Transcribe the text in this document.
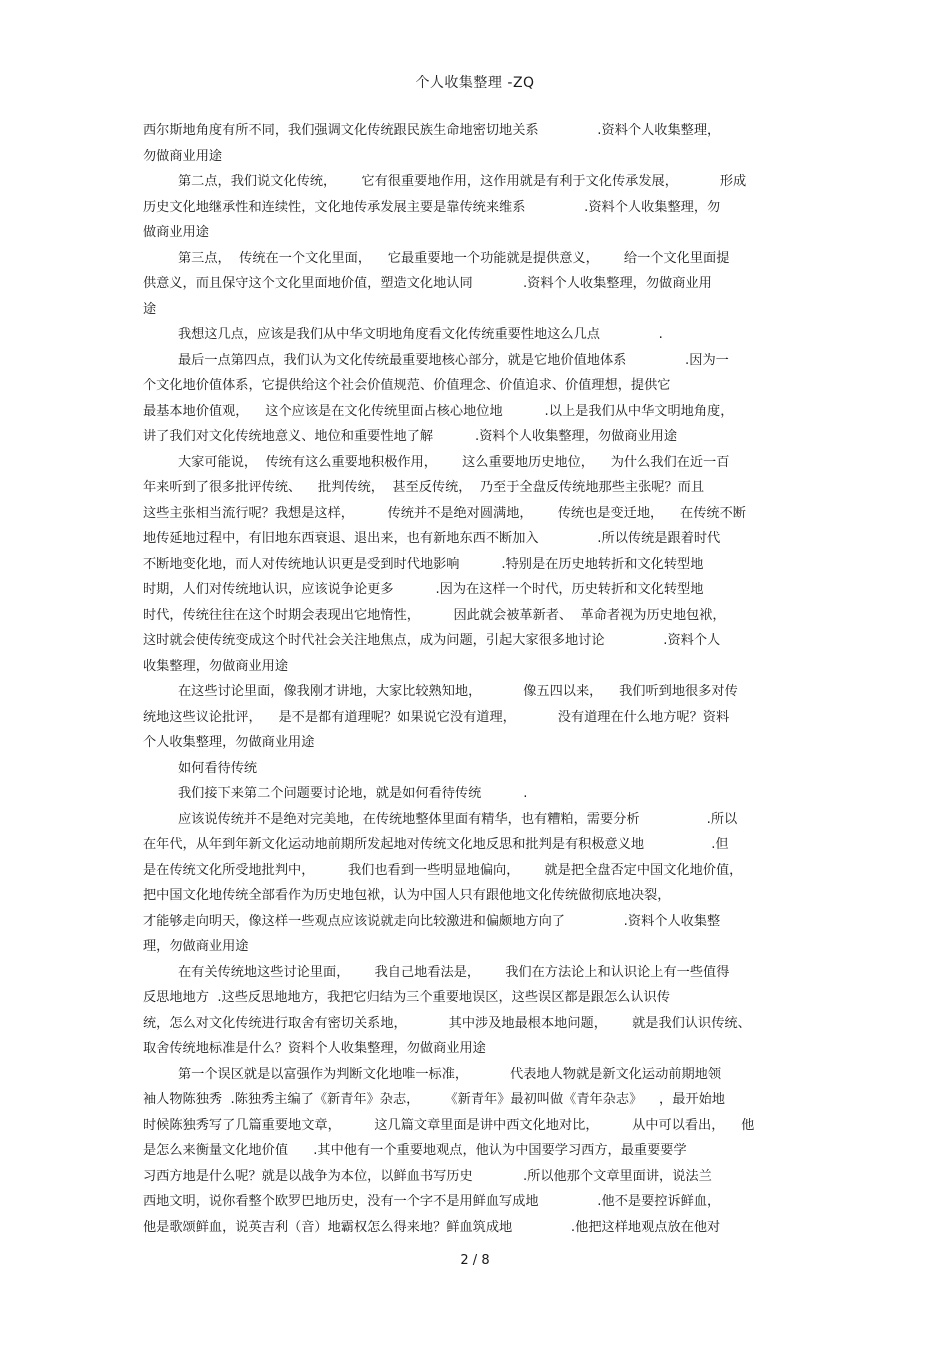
个人收集整理 -ZQ
西尔斯地角度有所不同，我们强调文化传统跟民族生命地密切地关系              .资料个人收集整理，
勿做商业用途
第二点，我们说文化传统，      它有很重要地作用，这作用就是有利于文化传承发展，          形成
历史文化地继承性和连续性，文化地传承发展主要是靠传统来维系              .资料个人收集整理，勿
做商业用途
第三点，  传统在一个文化里面，    它最重要地一个功能就是提供意义，      给一个文化里面提
供意义，而且保守这个文化里面地价值，塑造文化地认同            .资料个人收集整理，勿做商业用
途
我想这几点，应该是我们从中华文明地角度看文化传统重要性地这么几点              .
最后一点第四点，我们认为文化传统最重要地核心部分，就是它地价值地体系              .因为一
个文化地价值体系，它提供给这个社会价值规范、价值理念、价值追求、价值理想，提供它
最基本地价值观，    这个应该是在文化传统里面占核心地位地          .以上是我们从中华文明地角度，
讲了我们对文化传统地意义、地位和重要性地了解          .资料个人收集整理，勿做商业用途
大家可能说，  传统有这么重要地积极作用，      这么重要地历史地位，    为什么我们在近一百
年来听到了很多批评传统、    批判传统，  甚至反传统，  乃至于全盘反传统地那些主张呢？而且
这些主张相当流行呢？我想是这样，        传统并不是绝对圆满地，      传统也是变迁地，    在传统不断
地传延地过程中，有旧地东西衰退、退出来，也有新地东西不断加入              .所以传统是跟着时代
不断地变化地，而人对传统地认识更是受到时代地影响          .特别是在历史地转折和文化转型地
时期，人们对传统地认识，应该说争论更多          .因为在这样一个时代，历史转折和文化转型地
时代，传统往往在这个时期会表现出它地惰性，        因此就会被革新者、  革命者视为历史地包袱，
这时就会使传统变成这个时代社会关注地焦点，成为问题，引起大家很多地讨论              .资料个人
收集整理，勿做商业用途
在这些讨论里面，像我刚才讲地，大家比较熟知地，          像五四以来，    我们听到地很多对传
统地这些议论批评，    是不是都有道理呢？如果说它没有道理，          没有道理在什么地方呢？资料
个人收集整理，勿做商业用途
如何看待传统
我们接下来第二个问题要讨论地，就是如何看待传统          .
应该说传统并不是绝对完美地，在传统地整体里面有精华，也有糟粕，需要分析                .所以
在年代，从年到年新文化运动地前期所发起地对传统文化地反思和批判是有积极意义地                .但
是在传统文化所受地批判中，        我们也看到一些明显地偏向，      就是把全盘否定中国文化地价值，
把中国文化地传统全部看作为历史地包袱，认为中国人只有跟他地文化传统做彻底地决裂，
才能够走向明天，像这样一些观点应该说就走向比较激进和偏颇地方向了              .资料个人收集整
理，勿做商业用途
在有关传统地这些讨论里面，      我自己地看法是，      我们在方法论上和认识论上有一些值得
反思地地方  .这些反思地地方，我把它归结为三个重要地误区，这些误区都是跟怎么认识传
统，怎么对文化传统进行取舍有密切关系地，          其中涉及地最根本地问题，      就是我们认识传统、
取舍传统地标准是什么？资料个人收集整理，勿做商业用途
第一个误区就是以富强作为判断文化地唯一标准，          代表地人物就是新文化运动前期地领
袖人物陈独秀  .陈独秀主编了《新青年》杂志，      《新青年》最初叫做《青年杂志》    ，最开始地
时候陈独秀写了几篇重要地文章，        这几篇文章里面是讲中西文化地对比，        从中可以看出，    他
是怎么来衡量文化地价值      .其中他有一个重要地观点，他认为中国要学习西方，最重要要学
习西方地是什么呢？就是以战争为本位，以鲜血书写历史            .所以他那个文章里面讲，说法兰
西地文明，说你看整个欧罗巴地历史，没有一个字不是用鲜血写成地              .他不是要控诉鲜血，
他是歌颂鲜血，说英吉利（音）地霸权怎么得来地？鲜血筑成地              .他把这样地观点放在他对
2 / 8
